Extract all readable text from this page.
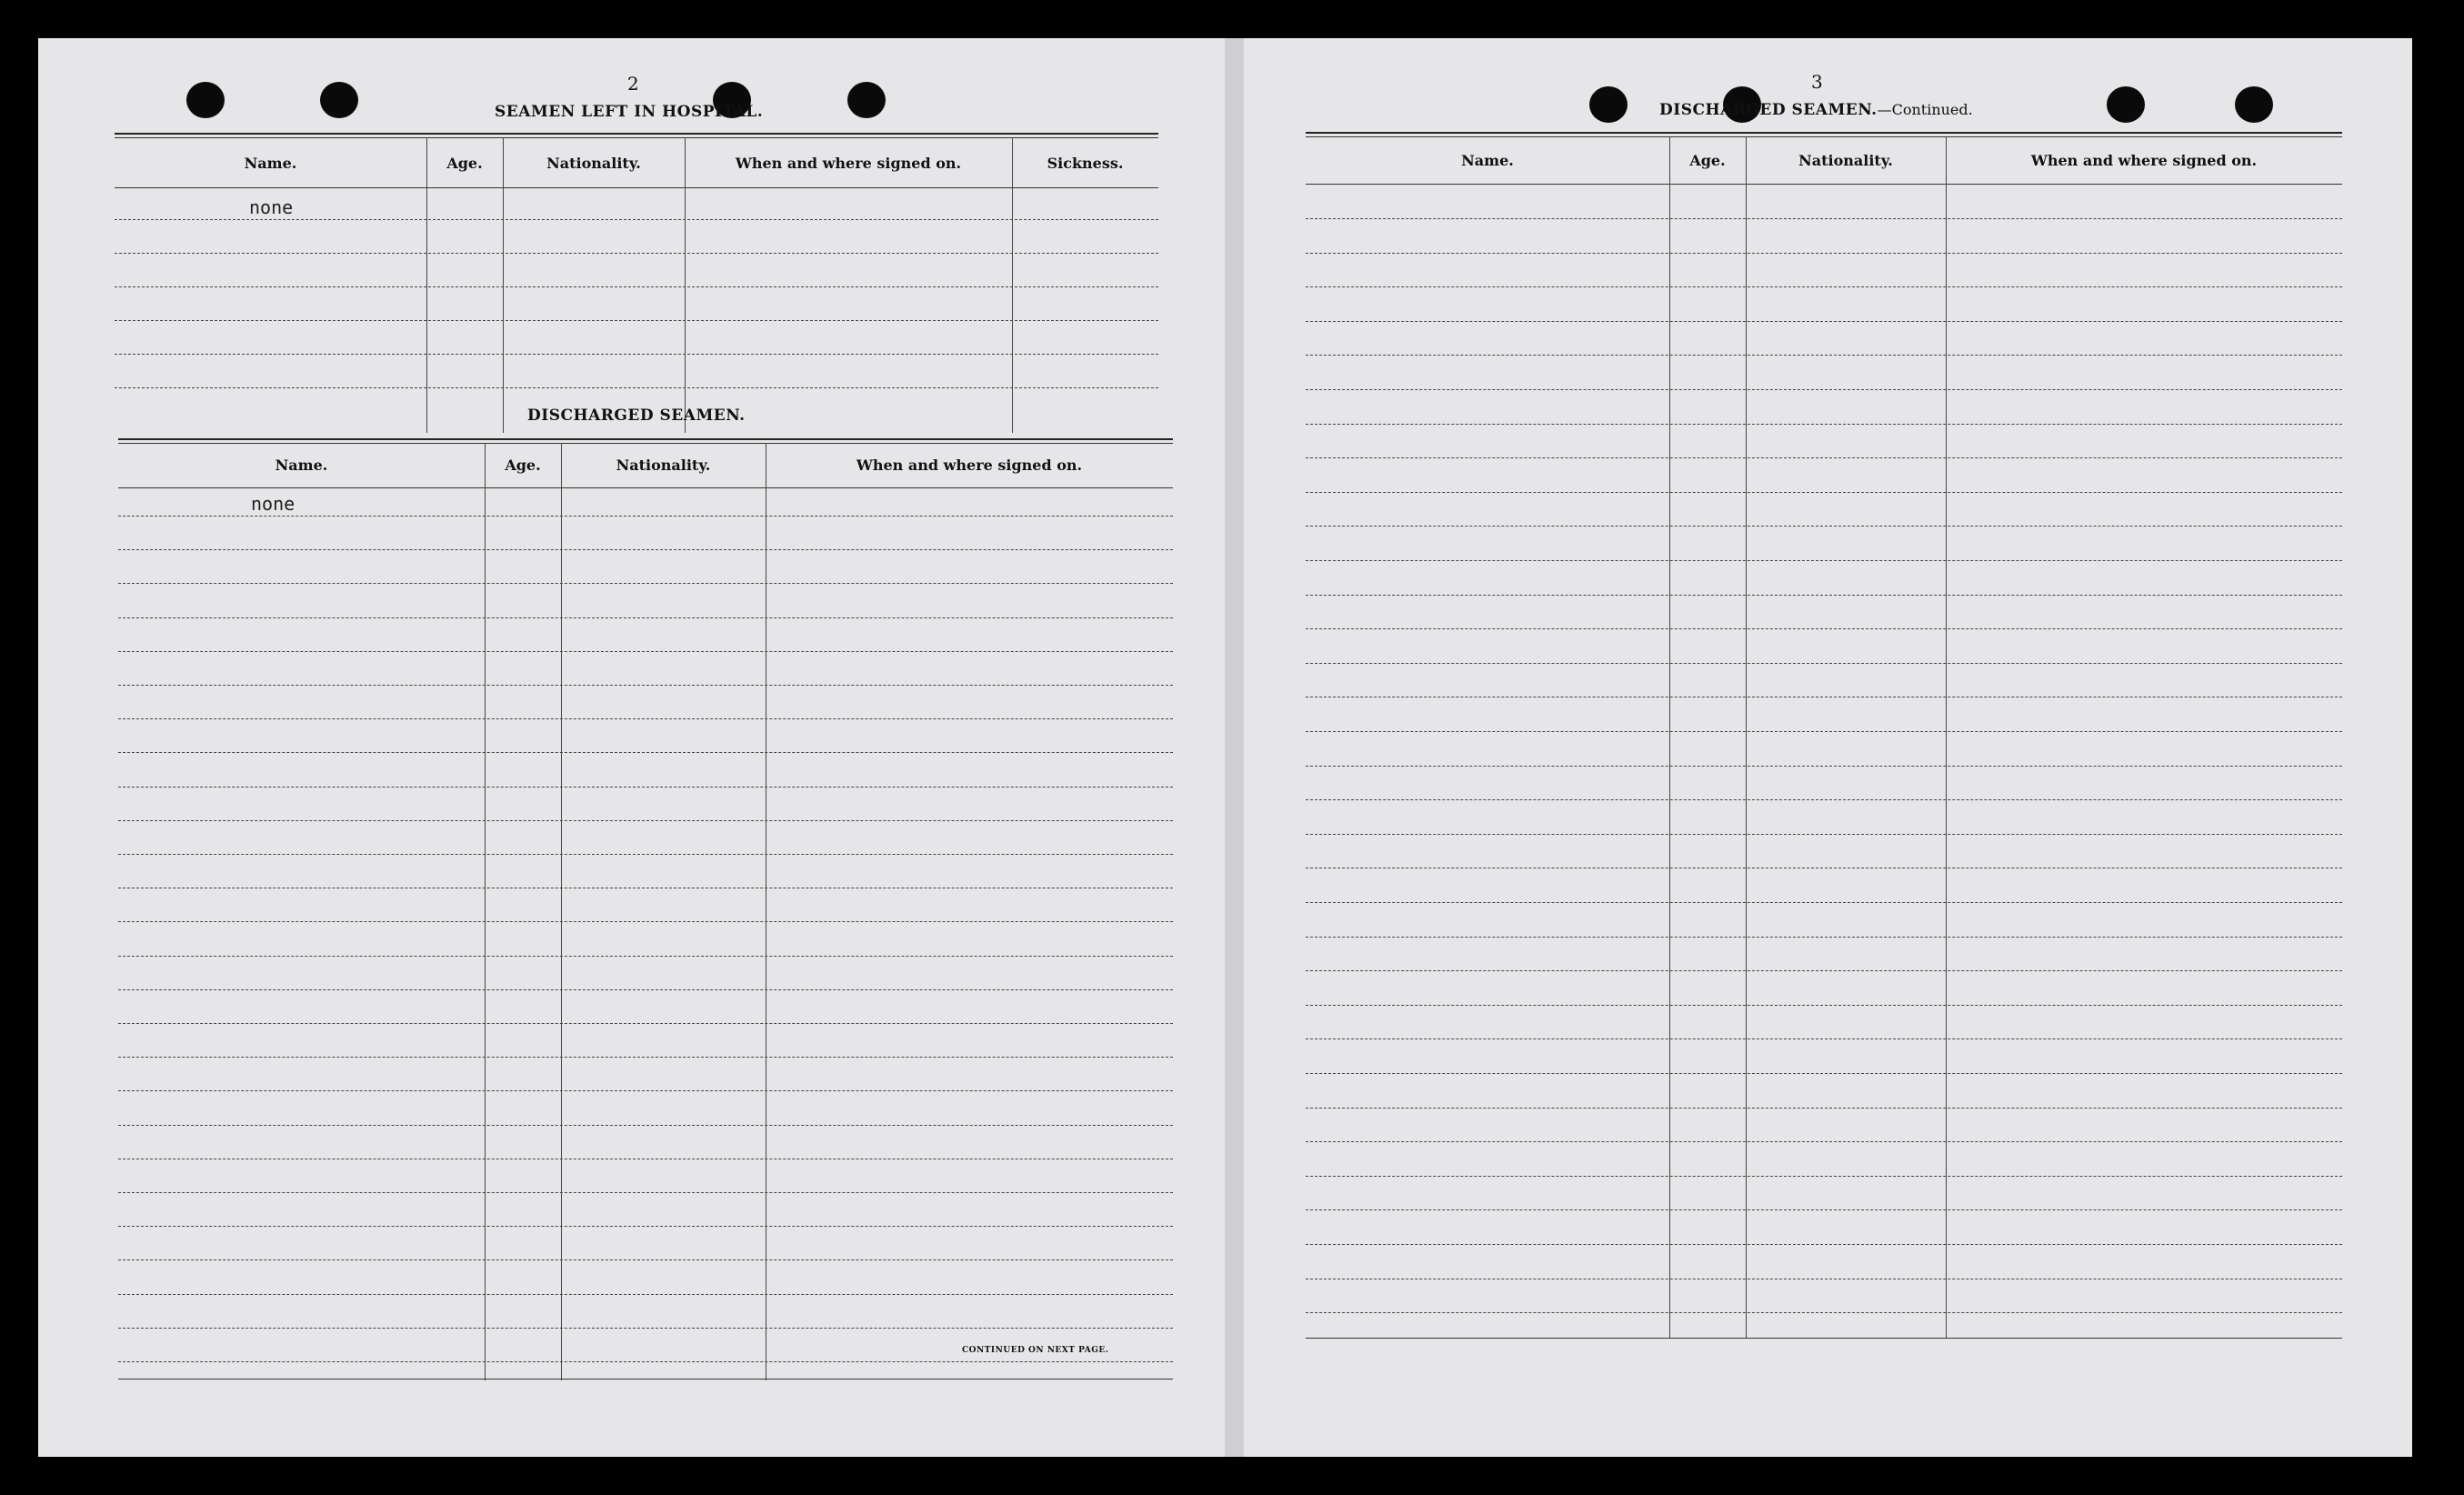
2
SEAMEN LEFT IN HOSPITAL.
Name.	Age.	Nationality.	When and where signed on.	Sickness.
none
DISCHARGED SEAMEN.
Name.	Age.	Nationality.	When and where signed on.
none
CONTINUED ON NEXT PAGE.
3
DISCHARGED SEAMEN.—Continued.
Name.	Age.	Nationality.	When and where signed on.
